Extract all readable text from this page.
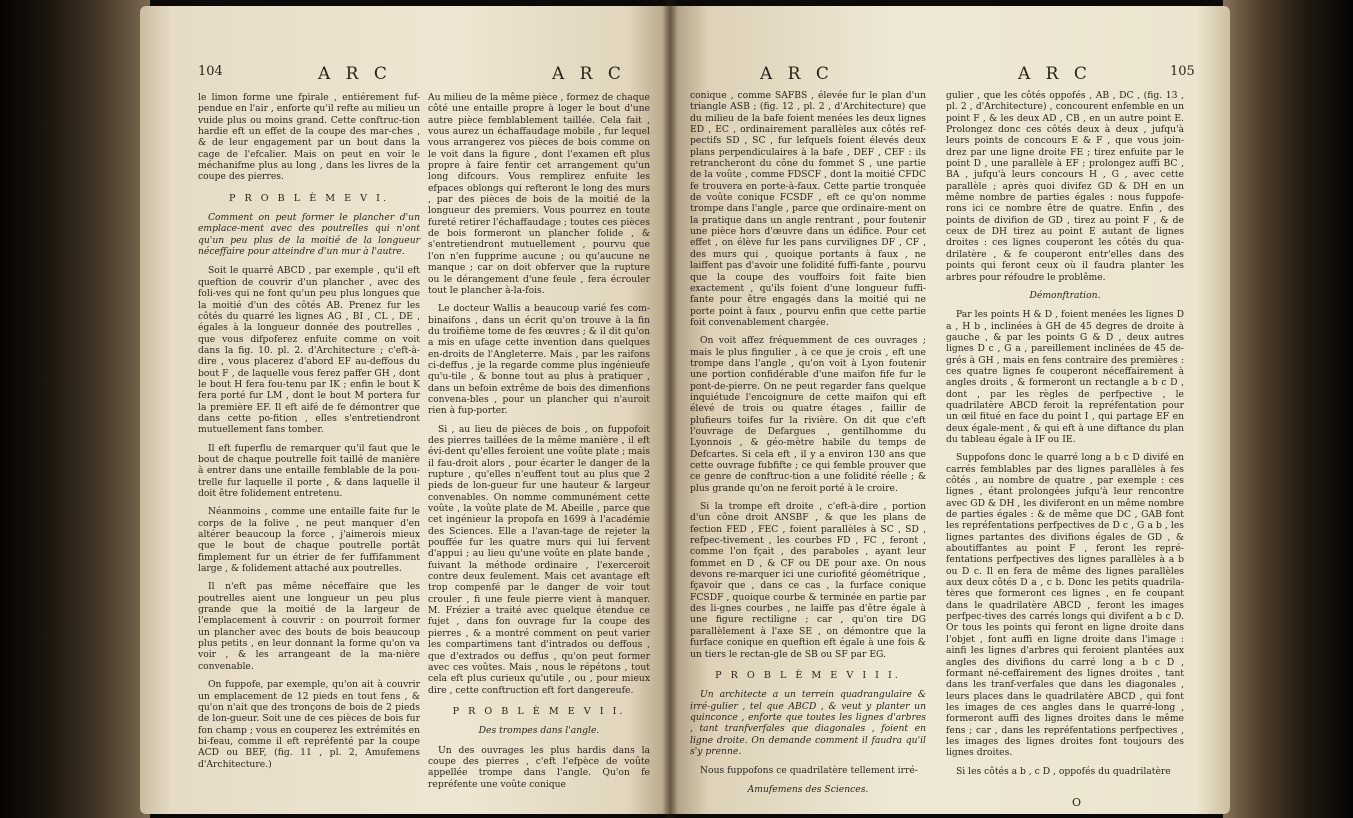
104	A R C	A R C

le limon forme une fpirale , entiérement fuf-pendue en l'air , enforte qu'il refte au milieu un vuide plus ou moins grand. Cette conftruc-tion hardie eft un effet de la coupe des mar-ches , & de leur engagement par un bout dans la cage de l'efcalier. Mais on peut en voir le méchanifme plus au long , dans les livres de la coupe des pierres.

P R O B L È M E V I.

Comment on peut former le plancher d'un emplace-ment avec des poutrelles qui n'ont qu'un peu plus de la moitié de la longueur néceffaire pour atteindre d'un mur à l'autre.

Soit le quarré ABCD , par exemple , qu'il eft queftion de couvrir d'un plancher , avec des foli-ves qui ne font qu'un peu plus longues que la moitié d'un des côtés AB. Prenez fur les côtés du quarré les lignes AG , BI , CL , DE , égales à la longueur donnée des poutrelles , que vous difpoferez enfuite comme on voit dans la fig. 10. pl. 2. d'Architecture ; c'eft-à-dire , vous placerez d'abord EF au-deffous du bout F , de laquelle vous ferez paffer GH , dont le bout H fera fou-tenu par IK ; enfin le bout K fera porté fur LM , dont le bout M portera fur la première EF. Il eft aifé de fe démontrer que dans cette po-fition , elles s'entretiendront mutuellement fans tomber.

Il eft fuperflu de remarquer qu'il faut que le bout de chaque poutrelle foit taillé de manière à entrer dans une entaille femblable de la pou-trelle fur laquelle il porte , & dans laquelle il doit être folidement entretenu.

Néanmoins , comme une entaille faite fur le corps de la folive , ne peut manquer d'en altérer beaucoup la force , j'aimerois mieux que le bout de chaque poutrelle portât fimplement fur un étrier de fer fuffifamment large , & folidement attaché aux poutrelles.

Il n'eft pas même néceffaire que les poutrelles aient une longueur un peu plus grande que la moitié de la largeur de l'emplacement à couvrir : on pourroit former un plancher avec des bouts de bois beaucoup plus petits , en leur donnant la forme qu'on va voir , & les arrangeant de la ma-nière convenable.

On fuppofe, par exemple, qu'on ait à couvrir un emplacement de 12 pieds en tout fens , & qu'on n'ait que des tronçons de bois de 2 pieds de lon-gueur. Soit une de ces pièces de bois fur fon champ ; vous en couperez les extrémités en bi-feau, comme il eft repréfenté par la coupe ACD ou BEF, (fig. 11 , pl. 2, Amufemens d'Architecture.)

Au milieu de la même pièce , formez de chaque côté une entaille propre à loger le bout d'une autre pièce femblablement taillée. Cela fait , vous aurez un échaffaudage mobile , fur lequel vous arrangerez vos pièces de bois comme on le voit dans la figure , dont l'examen eft plus propre à faire fentir cet arrangement qu'un long difcours. Vous remplirez enfuite les efpaces oblongs qui refteront le long des murs , par des pièces de bois de la moitié de la longueur des premiers. Vous pourrez en toute fureté retirer l'échaffaudage ; toutes ces pièces de bois formeront un plancher folide , & s'entretiendront mutuellement , pourvu que l'on n'en fupprime aucune ; ou qu'aucune ne manque ; car on doit obferver que la rupture ou le dérangement d'une feule , fera écrouler tout le plancher à-la-fois.

Le docteur Wallis a beaucoup varié fes com-binaifons , dans un écrit qu'on trouve à la fin du troifième tome de fes œuvres ; & il dit qu'on a mis en ufage cette invention dans quelques en-droits de l'Angleterre. Mais , par les raifons ci-deffus , je la regarde comme plus ingénieufe qu'u-tile , & bonne tout au plus à pratiquer , dans un befoin extrême de bois des dimenfions convena-bles , pour un plancher qui n'auroit rien à fup-porter.

Si , au lieu de pièces de bois , on fuppofoit des pierres taillées de la même manière , il eft évi-dent qu'elles feroient une voûte plate ; mais il fau-droit alors , pour écarter le danger de la rupture , qu'elles n'euffent tout au plus que 2 pieds de lon-gueur fur une hauteur & largeur convenables. On nomme communément cette voûte , la voûte plate de M. Abeille , parce que cet ingénieur la propofa en 1699 à l'académie des Sciences. Elle a l'avan-tage de rejeter la pouffée fur les quatre murs qui lui fervent d'appui ; au lieu qu'une voûte en plate bande , fuivant la méthode ordinaire , l'exerceroit contre deux feulement. Mais cet avantage eft trop compenfé par le danger de voir tout crouler , fi une feule pierre vient à manquer. M. Frézier a traité avec quelque étendue ce fujet , dans fon ouvrage fur la coupe des pierres , & a montré comment on peut varier les compartimens tant d'intrados ou deffous , que d'extrados ou deffus , qu'on peut former avec ces voûtes. Mais , nous le répétons , tout cela eft plus curieux qu'utile , ou , pour mieux dire , cette conftruction eft fort dangereufe.

P R O B L È M E V I I.

Des trompes dans l'angle.

Un des ouvrages les plus hardis dans la coupe des pierres , c'eft l'efpèce de voûte appellée trompe dans l'angle. Qu'on fe repréfente une voûte conique

A R C	A R C	105

conique , comme SAFBS , élevée fur le plan d'un triangle ASB ; (fig. 12 , pl. 2 , d'Architecture) que du milieu de la bafe foient menées les deux lignes ED , EC , ordinairement parallèles aux côtés ref-pectifs SD , SC , fur lefquels foient élevés deux plans perpendiculaires à la bafe , DEF , CEF : ils retrancheront du cône du fommet S , une partie de la voûte , comme FDSCF , dont la moitié CFDC fe trouvera en porte-à-faux. Cette partie tronquée de voûte conique FCSDF , eft ce qu'on nomme trompe dans l'angle , parce que ordinaire-ment on la pratique dans un angle rentrant , pour foutenir une pièce hors d'œuvre dans un édifice. Pour cet effet , on élève fur les pans curvilignes DF , CF , des murs qui , quoique portants à faux , ne laiffent pas d'avoir une folidité fuffi-fante , pourvu que la coupe des vouffoirs foit faite bien exactement , qu'ils foient d'une longueur fuffi-fante pour être engagés dans la moitié qui ne porte point à faux , pourvu enfin que cette partie foit convenablement chargée.

On voit affez fréquemment de ces ouvrages ; mais le plus fingulier , à ce que je crois , eft une trompe dans l'angle , qu'on voit à Lyon foutenir une portion confidérable d'une maifon fife fur le pont-de-pierre. On ne peut regarder fans quelque inquiétude l'encoignure de cette maifon qui eft élevé de trois ou quatre étages , faillir de plufieurs toifes fur la rivière. On dit que c'eft l'ouvrage de Defargues , gentilhomme du Lyonnois , & géo-mètre habile du temps de Defcartes. Si cela eft , il y a environ 130 ans que cette ouvrage fubfifte ; ce qui femble prouver que ce genre de conftruc-tion a une folidité réelle ; & plus grande qu'on ne feroit porté à le croire.

Si la trompe eft droite , c'eft-à-dire , portion d'un cône droit ANSBF , & que les plans de fection FED , FEC , foient parallèles à SC , SD , refpec-tivement , les courbes FD , FC , feront , comme l'on fçait , des paraboles , ayant leur fommet en D , & CF ou DE pour axe. On nous devons re-marquer ici une curiofité géométrique , fçavoir que , dans ce cas , la furface conique FCSDF , quoique courbe & terminée en partie par des li-gnes courbes , ne laiffe pas d'être égale à une figure rectiligne ; car , qu'on tire DG parallèlement à l'axe SE , on démontre que la furface conique en queftion eft égale à une fois & un tiers le rectan-gle de SB ou SF par EG.

P R O B L È M E V I I I.

Un architecte a un terrein quadrangulaire & irré-gulier , tel que ABCD , & veut y planter un quinconce , enforte que toutes les lignes d'arbres , tant tranfverfales que diagonales , foient en ligne droite. On demande comment il faudra qu'il s'y prenne.

Nous fuppofons ce quadrilatère tellement irré-

Amufemens des Sciences.

gulier , que les côtés oppofés , AB , DC , (fig. 13 , pl. 2 , d'Architecture) , concourent enfemble en un point F , & les deux AD , CB , en un autre point E. Prolongez donc ces côtés deux à deux , jufqu'à leurs points de concours E & F , que vous join-drez par une ligne droite FE ; tirez enfuite par le point D , une parallèle à EF ; prolongez auffi BC , BA , jufqu'à leurs concours H , G , avec cette parallèle ; après quoi divifez GD & DH en un même nombre de parties égales : nous fuppofe-rons ici ce nombre être de quatre. Enfin , des points de divifion de GD , tirez au point F , & de ceux de DH tirez au point E autant de lignes droites : ces lignes couperont les côtés du qua-drilatère , & fe couperont entr'elles dans des points qui feront ceux où il faudra planter les arbres pour réfoudre le problême.

Démonftration.

Par les points H & D , foient menées les lignes D a , H b , inclinées à GH de 45 degres de droite à gauche , & par les points G & D , deux autres lignes D c , G a , pareillement inclinées de 45 de-grés à GH , mais en fens contraire des premières : ces quatre lignes fe couperont néceffairement à angles droits , & formeront un rectangle a b c D , dont , par les règles de perfpective , le quadrilatère ABCD feroit la repréfentation pour un œil fitué en face du point I , qui partage EF en deux égale-ment , & qui eft à une diftance du plan du tableau égale à IF ou IE.

Suppofons donc le quarré long a b c D divifé en carrés femblables par des lignes parallèles à fes côtés , au nombre de quatre , par exemple : ces lignes , étant prolongées jufqu'à leur rencontre avec GD & DH , les diviferont en un même nombre de parties égales : & de même que DC , GAB font les repréfentations perfpectives de D c , G a b , les lignes partantes des divifions égales de GD , & aboutiffantes au point F , feront les repré-fentations perfpectives des lignes parallèles à a b ou D c. Il en fera de même des lignes parallèles aux deux côtés D a , c b. Donc les petits quadrila-tères que formeront ces lignes , en fe coupant dans le quadrilatère ABCD , feront les images perfpec-tives des carrés longs qui divifent a b c D. Or tous les points qui feront en ligne droite dans l'objet , font auffi en ligne droite dans l'image : ainfi les lignes d'arbres qui feroient plantées aux angles des divifions du carré long a b c D , formant né-ceffairement des lignes droites , tant dans les tranf-verfales que dans les diagonales , leurs places dans le quadrilatère ABCD , qui font les images de ces angles dans le quarré-long , formeront auffi des lignes droites dans le même fens ; car , dans les repréfentations perfpectives , les images des lignes droites font toujours des lignes droites.

Si les côtés a b , c D , oppofés du quadrilatère

O
